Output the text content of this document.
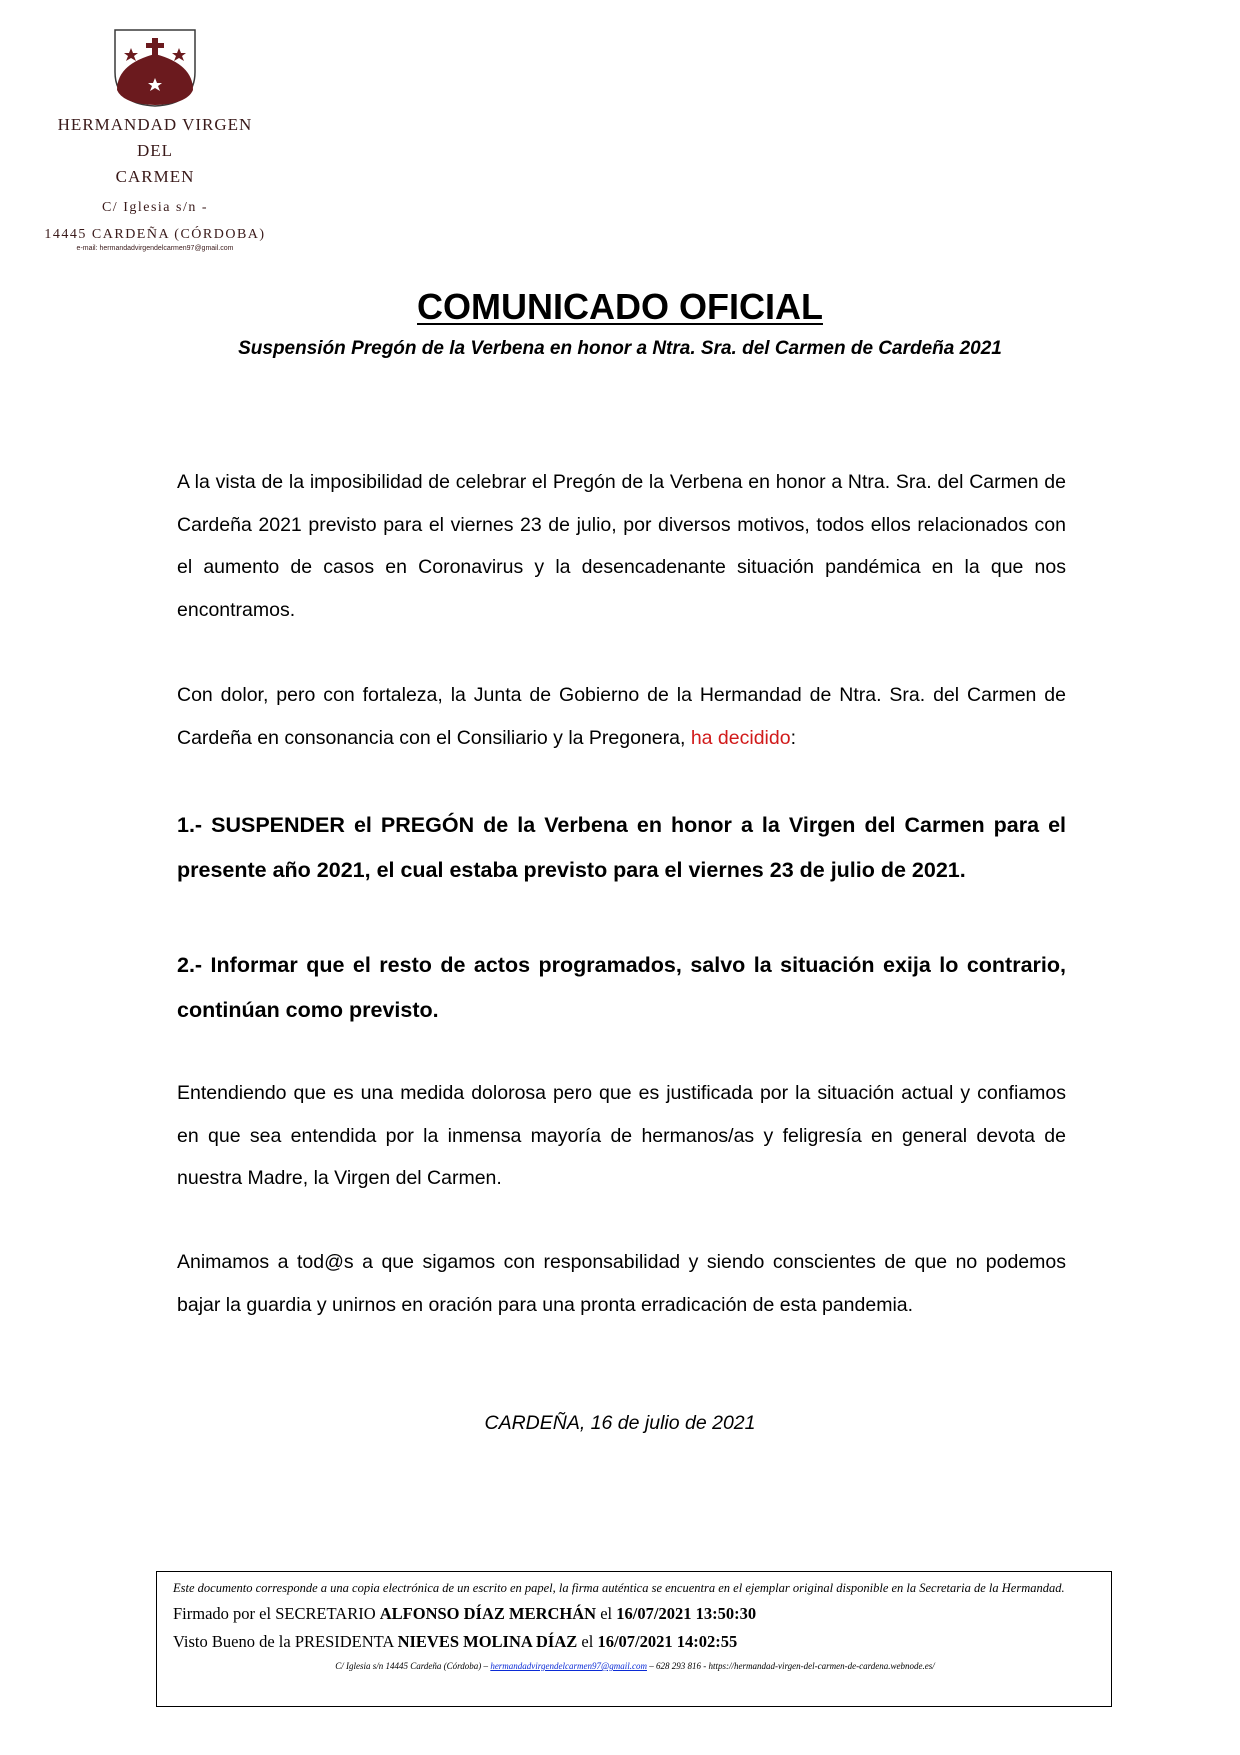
HERMANDAD VIRGEN DEL
CARMEN
C/ Iglesia s/n -
14445 CARDEÑA (CÓRDOBA)
e-mail: hermandadvirgendelcarmen97@gmail.com
COMUNICADO OFICIAL
Suspensión Pregón de la Verbena en honor a Ntra. Sra. del Carmen de Cardeña 2021

A la vista de la imposibilidad de celebrar el Pregón de la Verbena en honor a Ntra. Sra. del Carmen de Cardeña 2021 previsto para el viernes 23 de julio, por diversos motivos, todos ellos relacionados con el aumento de casos en Coronavirus y la desencadenante situación pandémica en la que nos encontramos.

Con dolor, pero con fortaleza, la Junta de Gobierno de la Hermandad de Ntra. Sra. del Carmen de Cardeña en consonancia con el Consiliario y la Pregonera, ha decidido:

1.- SUSPENDER el PREGÓN de la Verbena en honor a la Virgen del Carmen para el presente año 2021, el cual estaba previsto para el viernes 23 de julio de 2021.

2.- Informar que el resto de actos programados, salvo la situación exija lo contrario, continúan como previsto.

Entendiendo que es una medida dolorosa pero que es justificada por la situación actual y confiamos en que sea entendida por la inmensa mayoría de hermanos/as y feligresía en general devota de nuestra Madre, la Virgen del Carmen.

Animamos a tod@s a que sigamos con responsabilidad y siendo conscientes de que no podemos bajar la guardia y unirnos en oración para una pronta erradicación de esta pandemia.

CARDEÑA, 16 de julio de 2021
Este documento corresponde a una copia electrónica de un escrito en papel, la firma auténtica se encuentra en el ejemplar original disponible en la Secretaria de la Hermandad.
Firmado por el SECRETARIO ALFONSO DÍAZ MERCHÁN el 16/07/2021 13:50:30
Visto Bueno de la PRESIDENTA NIEVES MOLINA DÍAZ el 16/07/2021 14:02:55
C/ Iglesia s/n 14445 Cardeña (Córdoba) – hermandadvirgendelcarmen97@gmail.com – 628 293 816 - https://hermandad-virgen-del-carmen-de-cardena.webnode.es/
